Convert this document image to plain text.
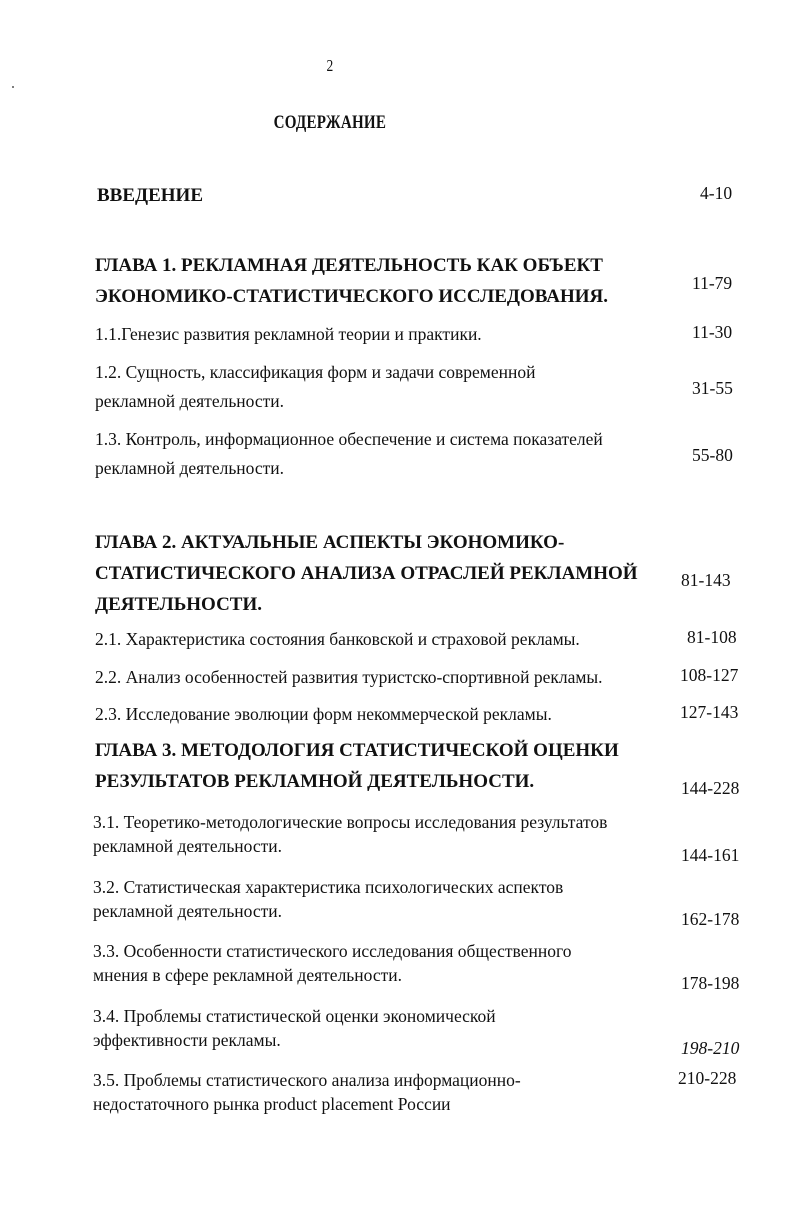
2
СОДЕРЖАНИЕ
ВВЕДЕНИЕ	4-10
ГЛАВА 1. РЕКЛАМНАЯ ДЕЯТЕЛЬНОСТЬ КАК ОБЪЕКТ
ЭКОНОМИКО-СТАТИСТИЧЕСКОГО ИССЛЕДОВАНИЯ.
11-79
1.1.Генезис развития рекламной теории и практики.	11-30
1.2. Сущность, классификация форм и задачи современной
рекламной деятельности.
31-55
1.3. Контроль, информационное обеспечение и система показателей
рекламной деятельности.
55-80
ГЛАВА 2. АКТУАЛЬНЫЕ АСПЕКТЫ ЭКОНОМИКО-
СТАТИСТИЧЕСКОГО АНАЛИЗА ОТРАСЛЕЙ РЕКЛАМНОЙ
ДЕЯТЕЛЬНОСТИ.
81-143
2.1. Характеристика состояния банковской и страховой рекламы.	81-108
2.2. Анализ особенностей развития туристско-спортивной рекламы.	108-127
2.3. Исследование эволюции форм некоммерческой рекламы.	127-143
ГЛАВА 3. МЕТОДОЛОГИЯ СТАТИСТИЧЕСКОЙ ОЦЕНКИ
РЕЗУЛЬТАТОВ РЕКЛАМНОЙ ДЕЯТЕЛЬНОСТИ.	144-228
3.1. Теоретико-методологические вопросы исследования результатов
рекламной деятельности.	144-161
3.2. Статистическая характеристика психологических аспектов
рекламной деятельности.	162-178
3.3. Особенности статистического исследования общественного
мнения в сфере рекламной деятельности.	178-198
3.4. Проблемы статистической оценки экономической
эффективности рекламы.	198-210
3.5. Проблемы статистического анализа информационно-
недостаточного рынка product placement России
210-228
